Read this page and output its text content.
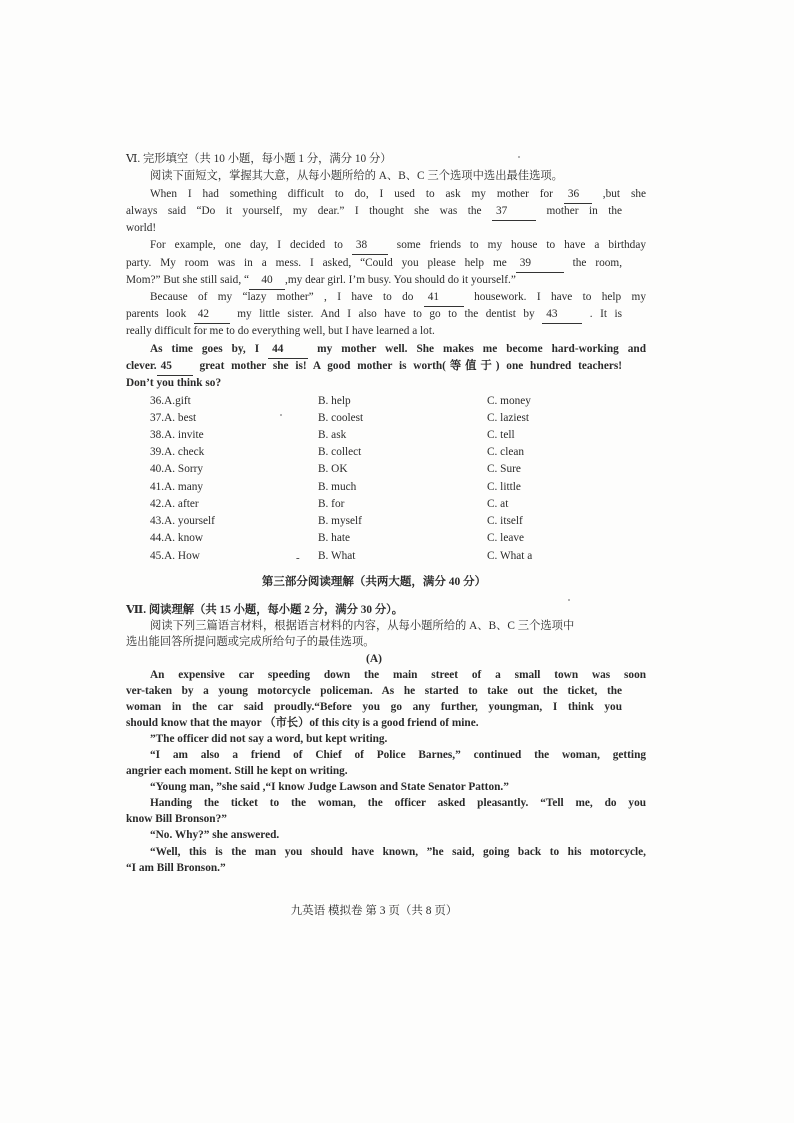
Ⅵ. 完形填空（共 10 小题，每小题 1 分，满分 10 分）
阅读下面短文，掌握其大意，从每小题所给的 A、B、C 三个选项中选出最佳选项。
When I had something difficult to do, I used to ask my mother for 36 ,but she
always said “Do it yourself, my dear.” I thought she was the 37	mother in the
world!
For example, one day, I decided to 38	some friends to my house to have a birthday
party. My room was in a mess. I asked, “Could you please help me 39	the room,
Mom?” But she still said, “ 40 ,my dear girl. I’m busy. You should do it yourself.”
Because of my “lazy mother” , I have to do 41	housework. I have to help my
parents look 42 my little sister. And I also have to go to the dentist by 43	. It is
really difficult for me to do everything well, but I have learned a lot.
As time goes by, I 44	my mother well. She makes me become hard-working and
clever. 45 great mother she is! A good mother is worth(等值于) one hundred teachers!
Don’t you think so?
36.A.gift	B. help	C. money
37.A. best	B. coolest	C. laziest
38.A. invite	B. ask	C. tell
39.A. check	B. collect	C. clean
40.A. Sorry	B. OK	C. Sure
41.A. many	B. much	C. little
42.A. after	B. for	C. at
43.A. yourself	B. myself	C. itself
44.A. know	B. hate	C. leave
45.A. How	B. What	C. What a
-
第三部分阅读理解（共两大题，满分 40 分）
Ⅶ. 阅读理解（共 15 小题，每小题 2 分，满分 30 分）。
阅读下列三篇语言材料，根据语言材料的内容，从每小题所给的 A、B、C 三个选项中
选出能回答所提问题或完成所给句子的最佳选项。
(A)
An expensive car speeding down the main street of a small town was soon
ver-taken by a young motorcycle policeman. As he started to take out the ticket, the
woman in the car said proudly.“Before you go any further, youngman, I think you
should know that the mayor （市长）of this city is a good friend of mine.
”The officer did not say a word, but kept writing.
“I am also a friend of Chief of Police Barnes,” continued the woman, getting
angrier each moment. Still he kept on writing.
“Young man, ”she said ,“I know Judge Lawson and State Senator Patton.”
Handing the ticket to the woman, the officer asked pleasantly. “Tell me, do you
know Bill Bronson?”
“No. Why?” she answered.
“Well, this is the man you should have known, ”he said, going back to his motorcycle,
“I am Bill Bronson.”
九英语 模拟卷 第 3 页（共 8 页）
